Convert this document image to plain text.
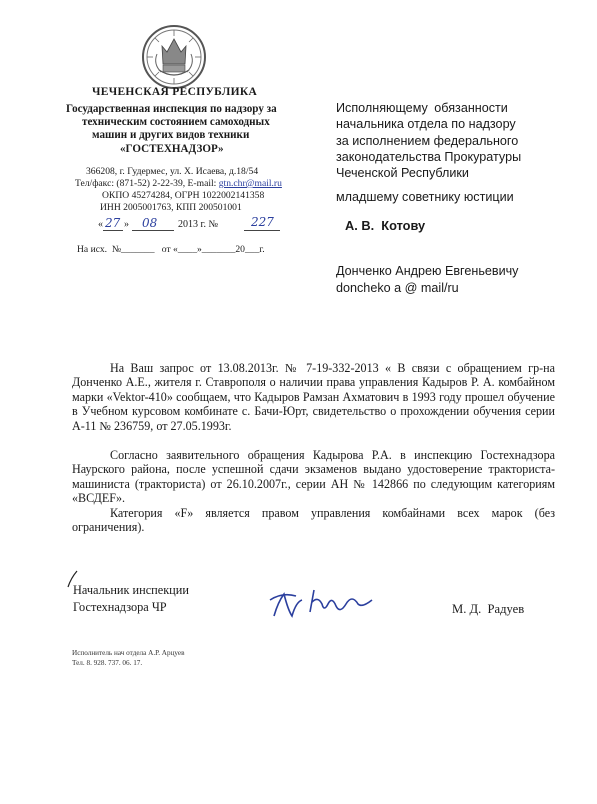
ЧЕЧЕНСКАЯ РЕСПУБЛИКА
Государственная инспекция по надзору за
техническим состоянием самоходных
машин и других видов техники
«ГОСТЕХНАДЗОР»
366208, г. Гудермес, ул. Х. Исаева, д.18/54
Тел/факс: (871-52) 2-22-39, E-mail: gtn.chr@mail.ru
ОКПО 45274284, ОГРН 1022002141358
ИНН 2005001763, КПП 200501001
« 27 » 08 2013 г. №	227
На исх.  №_______   от «____»_______20___г.
Исполняющему обязанности
начальника отдела по надзору
за исполнением федерального
законодательства Прокуратуры
Чеченской Республики
младшему советнику юстиции
А. В.  Котову
Донченко Андрею Евгеньевичу
doncheko a @ mail/ru
На Ваш запрос от 13.08.2013г. № 7-19-332-2013 « В связи с обращением гр-на Донченко А.Е., жителя г. Ставрополя о наличии права управления Кадыров Р. А. комбайном марки «Vektor-410» сообщаем, что Кадыров Рамзан Ахматович в 1993 году прошел обучение в Учебном курсовом комбинате с. Бачи-Юрт, свидетельство о прохождении обучения серии А-11 № 236759, от 27.05.1993г.
Согласно заявительного обращения Кадырова Р.А. в инспекцию Гостехнадзора Наурского района, после успешной сдачи экзаменов выдано удостоверение тракториста-машиниста (тракториста) от 26.10.2007г., серии АН № 142866 по следующим категориям «ВСДЕF».
Категория «F» является правом управления комбайнами всех марок (без ограничения).
Начальник инспекции
Гостехнадзора ЧР	М. Д.  Радуев
Исполнитель нач отдела А.Р. Арцуев
Тел. 8. 928. 737. 06. 17.
